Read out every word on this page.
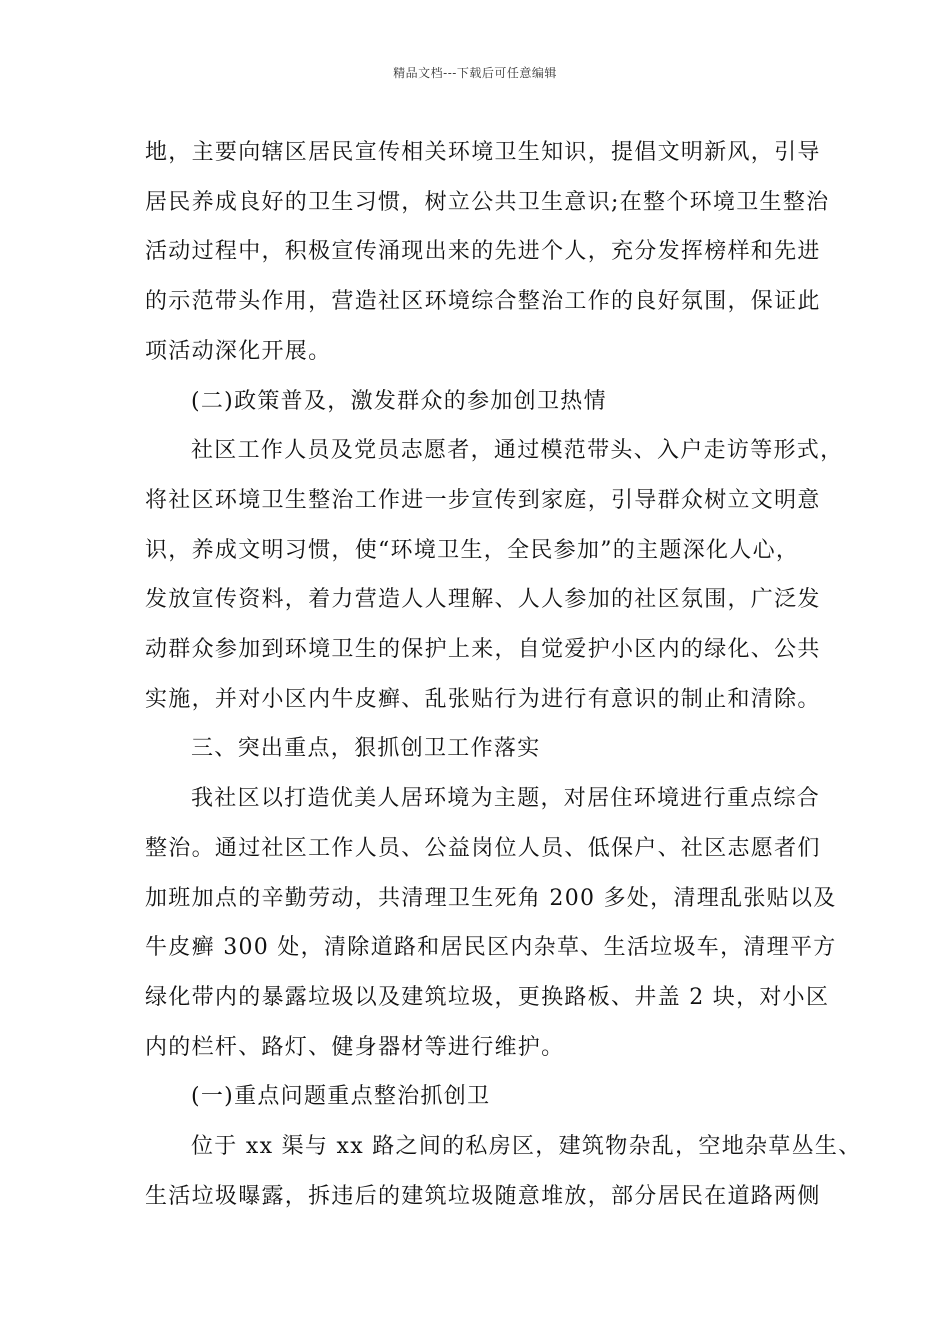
精品文档---下载后可任意编辑

地，主要向辖区居民宣传相关环境卫生知识，提倡文明新风，引导
居民养成良好的卫生习惯，树立公共卫生意识;在整个环境卫生整治
活动过程中，积极宣传涌现出来的先进个人，充分发挥榜样和先进
的示范带头作用，营造社区环境综合整治工作的良好氛围，保证此
项活动深化开展。

(二)政策普及，激发群众的参加创卫热情

社区工作人员及党员志愿者，通过模范带头、入户走访等形式，
将社区环境卫生整治工作进一步宣传到家庭，引导群众树立文明意
识，养成文明习惯，使“环境卫生，全民参加”的主题深化人心，
发放宣传资料，着力营造人人理解、人人参加的社区氛围，广泛发
动群众参加到环境卫生的保护上来，自觉爱护小区内的绿化、公共
实施，并对小区内牛皮癣、乱张贴行为进行有意识的制止和清除。

三、突出重点，狠抓创卫工作落实

我社区以打造优美人居环境为主题，对居住环境进行重点综合
整治。通过社区工作人员、公益岗位人员、低保户、社区志愿者们
加班加点的辛勤劳动，共清理卫生死角 200 多处，清理乱张贴以及
牛皮癣 300 处，清除道路和居民区内杂草、生活垃圾车，清理平方
绿化带内的暴露垃圾以及建筑垃圾，更换路板、井盖 2 块，对小区
内的栏杆、路灯、健身器材等进行维护。

(一)重点问题重点整治抓创卫

位于 xx 渠与 xx 路之间的私房区，建筑物杂乱，空地杂草丛生、
生活垃圾曝露，拆违后的建筑垃圾随意堆放，部分居民在道路两侧
